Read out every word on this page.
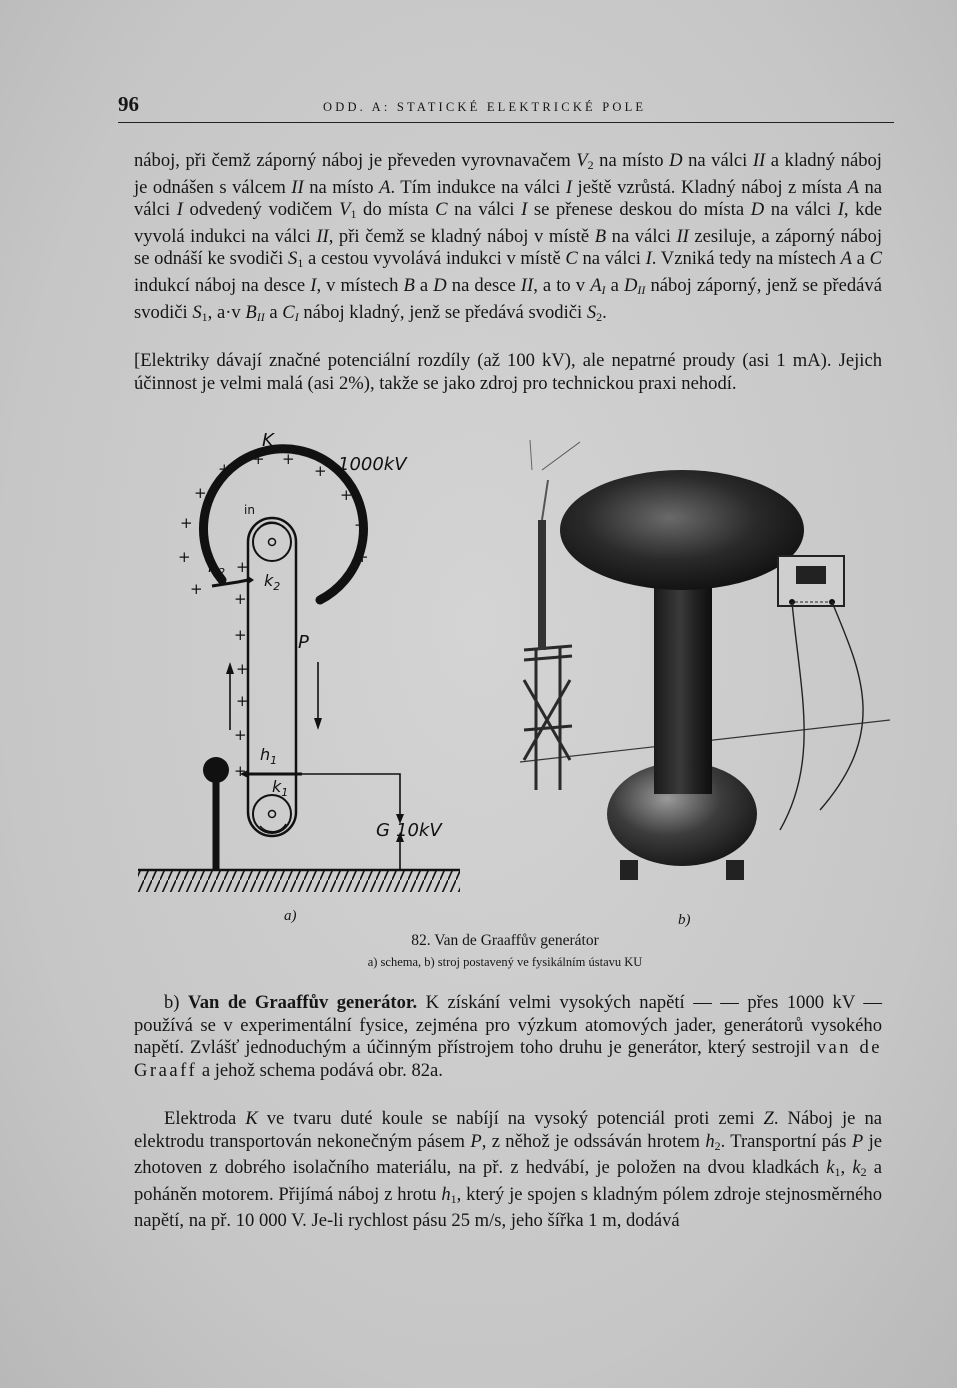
96	ODD. A: STATICKÉ ELEKTRICKÉ POLE

náboj, při čemž záporný náboj je převeden vyrovnavačem $V_2$ na místo D na válci II a kladný náboj je odnášen s válcem II na místo A. Tím indukce na válci I ještě vzrůstá. Kladný náboj z místa A na válci I odvedený vodičem $V_1$ do místa C na válci I se přenese deskou do místa D na válci I, kde vyvolá indukci na válci II, při čemž se kladný náboj v místě B na válci II zesiluje, a záporný náboj se odnáší ke svodiči $S_1$ a cestou vyvolává indukci v místě C na válci I. Vzniká tedy na místech A a C indukcí náboj na desce I, v místech B a D na desce II, a to v $A_I$ a $D_{II}$ náboj záporný, jenž se předává svodiči $S_1$, a·v $B_{II}$ a $C_I$ náboj kladný, jenž se předává svodiči $S_2$.

[Elektriky dávají značné potenciální rozdíly (až 100 kV), ale nepatrné proudy (asi 1 mA). Jejich účinnost je velmi malá (asi 2%), takže se jako zdroj pro technickou praxi nehodí.

+
+ +
+
+	+
+	+
+	+
+
+
+
+
+
+
+
+
K
1000kV
in
$h_2$ $k_2$
P
$h_1$
$k_1$
G 10kV
a)	b)
82. Van de Graaffův generátor
a) schema, b) stroj postavený ve fysikálním ústavu KU

b) Van de Graaffův generátor. K získání velmi vysokých napětí — — přes 1000 kV — používá se v experimentální fysice, zejména pro výzkum atomových jader, generátorů vysokého napětí. Zvlášť jednoduchým a účinným přístrojem toho druhu je generátor, který sestrojil van de Graaff a jehož schema podává obr. 82a.

Elektroda K ve tvaru duté koule se nabíjí na vysoký potenciál proti zemi Z. Náboj je na elektrodu transportován nekonečným pásem P, z něhož je odssáván hrotem $h_2$. Transportní pás P je zhotoven z dobrého isolačního materiálu, na př. z hedvábí, je položen na dvou kladkách $k_1$, $k_2$ a poháněn motorem. Přijímá náboj z hrotu $h_1$, který je spojen s kladným pólem zdroje stejnosměrného napětí, na př. 10 000 V. Je-li rychlost pásu 25 m/s, jeho šířka 1 m, dodává
